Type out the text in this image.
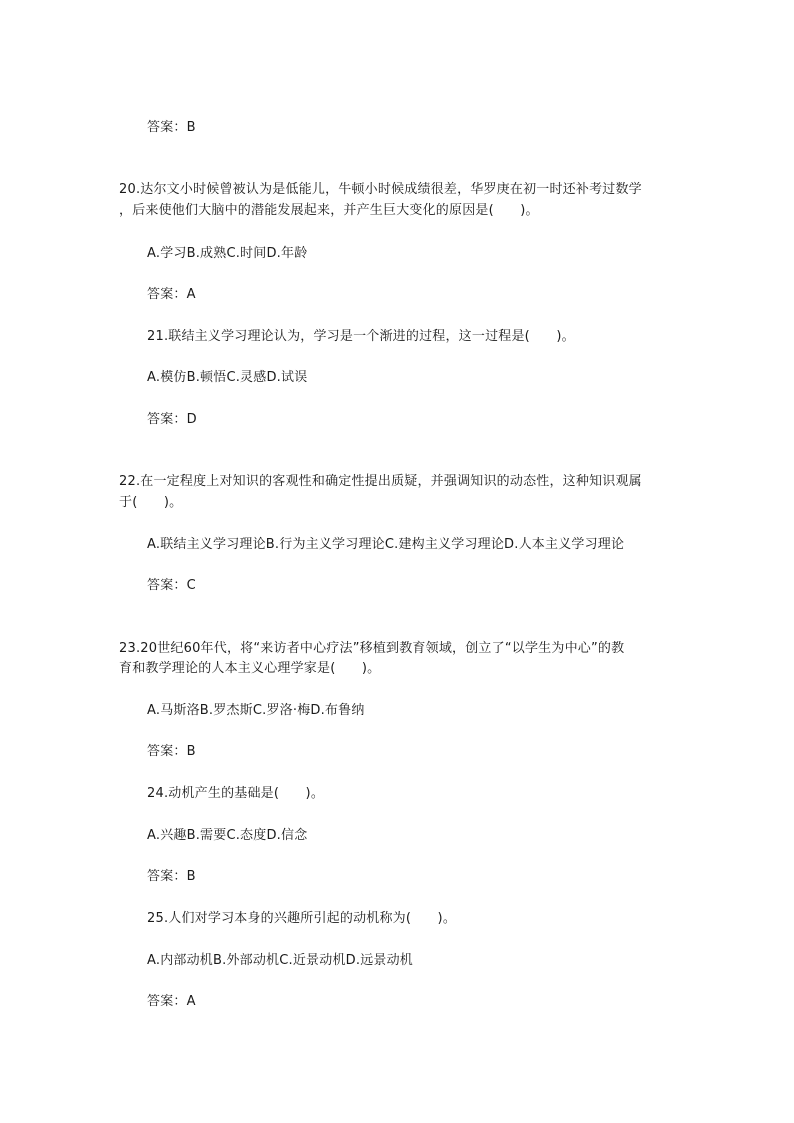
答案：B
20.达尔文小时候曾被认为是低能儿，牛顿小时候成绩很差，华罗庚在初一时还补考过数学
，后来使他们大脑中的潜能发展起来，并产生巨大变化的原因是(　　)。
A.学习B.成熟C.时间D.年龄
答案：A
21.联结主义学习理论认为，学习是一个渐进的过程，这一过程是(　　)。
A.模仿B.顿悟C.灵感D.试误
答案：D
22.在一定程度上对知识的客观性和确定性提出质疑，并强调知识的动态性，这种知识观属
于(　　)。
A.联结主义学习理论B.行为主义学习理论C.建构主义学习理论D.人本主义学习理论
答案：C
23.20世纪60年代，将“来访者中心疗法”移植到教育领域，创立了“以学生为中心”的教
育和教学理论的人本主义心理学家是(　　)。
A.马斯洛B.罗杰斯C.罗洛·梅D.布鲁纳
答案：B
24.动机产生的基础是(　　)。
A.兴趣B.需要C.态度D.信念
答案：B
25.人们对学习本身的兴趣所引起的动机称为(　　)。
A.内部动机B.外部动机C.近景动机D.远景动机
答案：A
